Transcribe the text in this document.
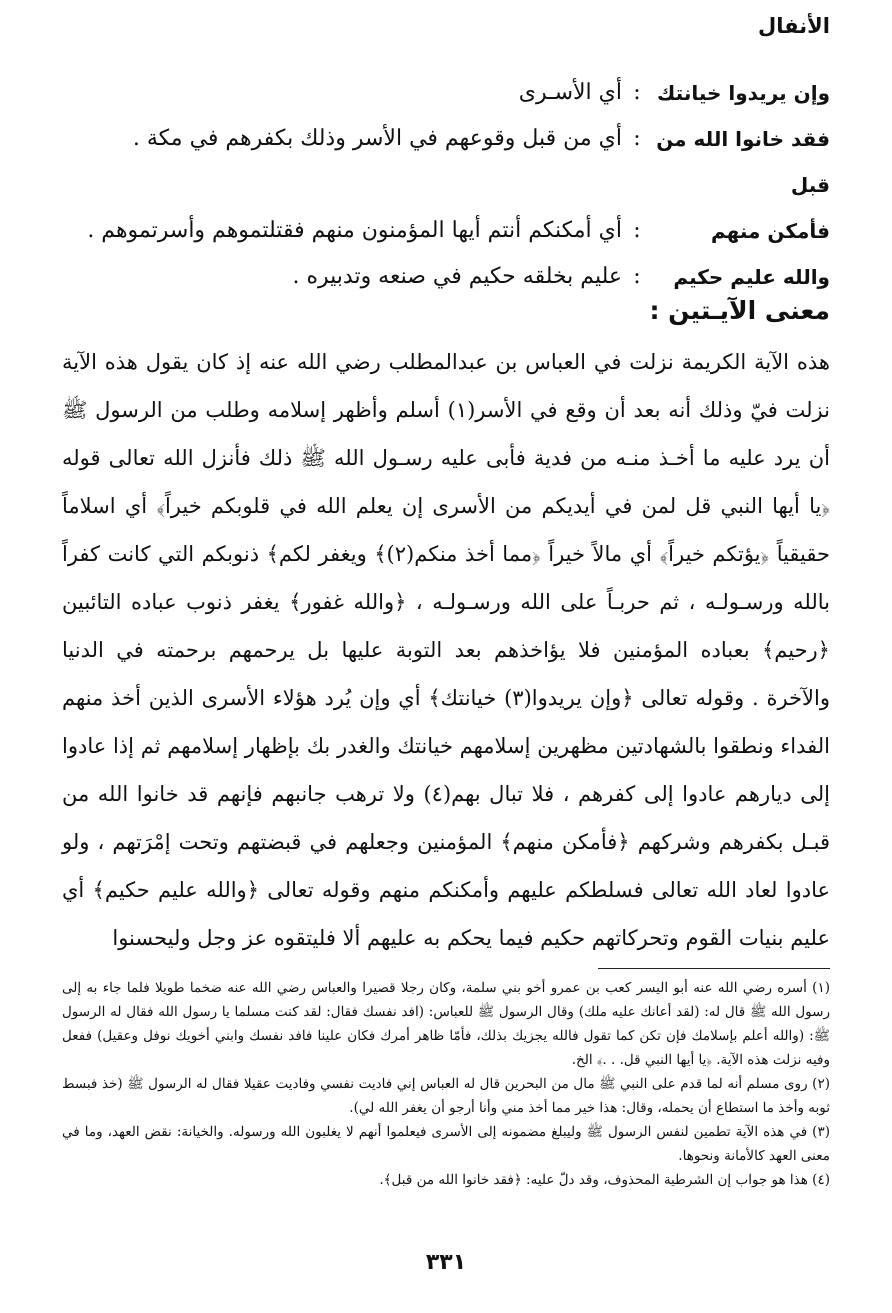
الأنفال
وإن يريدوا خيانتك
:
أي الأسـرى
فقد خانوا الله من قبل
:
أي من قبل وقوعهم في الأسر وذلك بكفرهم في مكة .
فأمكن منهم
:
أي أمكنكم أنتم أيها المؤمنون منهم فقتلتموهم وأسرتموهم .
والله عليم حكيم
:
عليم بخلقه حكيم في صنعه وتدبيره .
معنى الآيـتين :
هذه الآية الكريمة نزلت في العباس بن عبدالمطلب رضي الله عنه إذ كان يقول هذه الآية نزلت فيّ وذلك أنه بعد أن وقع في الأسر(١) أسلم وأظهر إسلامه وطلب من الرسول ﷺ أن يرد عليه ما أخـذ منـه من فدية فأبى عليه رسـول الله ﷺ ذلك فأنزل الله تعالى قوله ﴿يا أيها النبي قل لمن في أيديكم من الأسرى إن يعلم الله في قلوبكم خيراً﴾ أي اسلاماً حقيقياً ﴿يؤتكم خيراً﴾ أي مالاً خيراً ﴿مما أخذ منكم(٢)﴾ ويغفر لكم﴾ ذنوبكم التي كانت كفراً بالله ورسـولـه ، ثم حربـاً على الله ورسـولـه ، ﴿والله غفور﴾ يغفر ذنوب عباده التائبين ﴿رحيم﴾ بعباده المؤمنين فلا يؤاخذهم بعد التوبة عليها بل يرحمهم برحمته في الدنيا والآخرة . وقوله تعالى ﴿وإن يريدوا(٣) خيانتك﴾ أي وإن يُرد هؤلاء الأسرى الذين أخذ منهم الفداء ونطقوا بالشهادتين مظهرين إسلامهم خيانتك والغدر بك بإظهار إسلامهم ثم إذا عادوا إلى ديارهم عادوا إلى كفرهم ، فلا تبال بهم(٤) ولا ترهب جانبهم فإنهم قد خانوا الله من قبـل بكفرهم وشركهم ﴿فأمكن منهم﴾ المؤمنين وجعلهم في قبضتهم وتحت إمْرَتهم ، ولو عادوا لعاد الله تعالى فسلطكم عليهم وأمكنكم منهم وقوله تعالى ﴿والله عليم حكيم﴾ أي عليم بنيات القوم وتحركاتهم حكيم فيما يحكم به عليهم ألا فليتقوه عز وجل وليحسنوا

(١) أسره رضي الله عنه أبو اليسر كعب بن عمرو أخو بني سلمة، وكان رجلا قصيرا والعباس رضي الله عنه ضخما طويلا فلما جاء به إلى رسول الله ﷺ قال له: (لقد أعانك عليه ملك) وقال الرسول ﷺ للعباس: (افد نفسك فقال: لقد كنت مسلما يا رسول الله فقال له الرسول ﷺ: (والله أعلم بإسلامك فإن تكن كما تقول فالله يجزيك بذلك، فأمّا ظاهر أمرك فكان علينا فافد نفسك وابني أخويك نوفل وعقيل) ففعل وفيه نزلت هذه الآية. ﴿يا أيها النبي قل. . .﴾ الخ.

(٢) روى مسلم أنه لما قدم على النبي ﷺ مال من البحرين قال له العباس إني فاديت نفسي وفاديت عقيلا فقال له الرسول ﷺ (خذ فبسط ثوبه وأخذ ما استطاع أن يحمله، وقال: هذا خير مما أخذ مني وأنا أرجو أن يغفر الله لي).

(٣) في هذه الآية تطمين لنفس الرسول ﷺ وليبلغ مضمونه إلى الأسرى فيعلموا أنهم لا يغلبون الله ورسوله. والخيانة: نقض العهد، وما في معنى العهد كالأمانة ونحوها.

(٤) هذا هو جواب إن الشرطية المحذوف، وقد دلّ عليه: ﴿فقد خانوا الله من قبل﴾.

٣٣١
